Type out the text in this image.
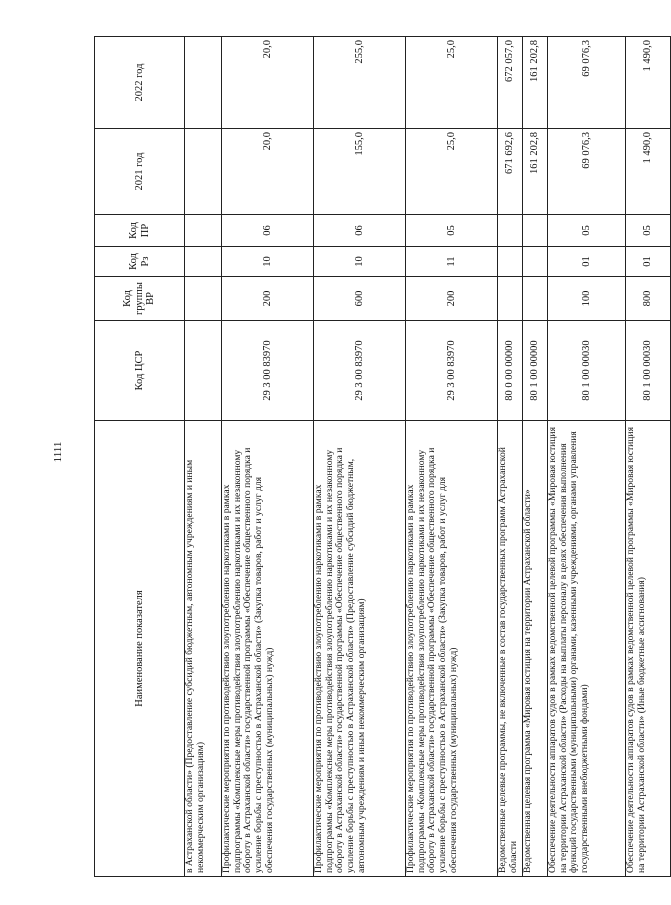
1111
Наименование показателя	Код ЦСР	Код группы ВР	Код Рз	Код ПР	2021 год	2022 год
в Астраханской области» (Предоставление субсидий бюджетным, автономным учреждениям и иным некоммерческим организациям)						
Профилактические мероприятия по противодействию злоупотреблению наркотиками в рамках подпрограммы «Комплексные меры противодействия злоупотреблению наркотиками и их незаконному обороту в Астраханской области» государственной программы «Обеспечение общественного порядка и усиление борьбы с преступностью в Астраханской области» (Закупка товаров, работ и услуг для обеспечения государственных (муниципальных) нужд)	29 3 00 83970	200	10	06	20,0	20,0
Профилактические мероприятия по противодействию злоупотреблению наркотиками в рамках подпрограммы «Комплексные меры противодействия злоупотреблению наркотиками и их незаконному обороту в Астраханской области» государственной программы «Обеспечение общественного порядка и усиление борьбы с преступностью в Астраханской области» (Предоставление субсидий бюджетным, автономным учреждениям и иным некоммерческим организациям)	29 3 00 83970	600	10	06	155,0	255,0
Профилактические мероприятия по противодействию злоупотреблению наркотиками в рамках подпрограммы «Комплексные меры противодействия злоупотреблению наркотиками и их незаконному обороту в Астраханской области» государственной программы «Обеспечение общественного порядка и усиление борьбы с преступностью в Астраханской области» (Закупка товаров, работ и услуг для обеспечения государственных (муниципальных) нужд)	29 3 00 83970	200	11	05	25,0	25,0
Ведомственные целевые программы, не включенные в состав государственных программ Астраханской области	80 0 00 00000				671 692,6	672 057,0
Ведомственная целевая программа «Мировая юстиция на территории Астраханской области»	80 1 00 00000				161 202,8	161 202,8
Обеспечение деятельности аппаратов судов в рамках ведомственной целевой программы «Мировая юстиция на территории Астраханской области» (Расходы на выплаты персоналу в целях обеспечения выполнения функций государственными (муниципальными) органами, казенными учреждениями, органами управления государственными внебюджетными фондами)	80 1 00 00030	100	01	05	69 076,3	69 076,3
Обеспечение деятельности аппаратов судов в рамках ведомственной целевой программы «Мировая юстиция на территории Астраханской области» (Иные бюджетные ассигнования)	80 1 00 00030	800	01	05	1 490,0	1 490,0
